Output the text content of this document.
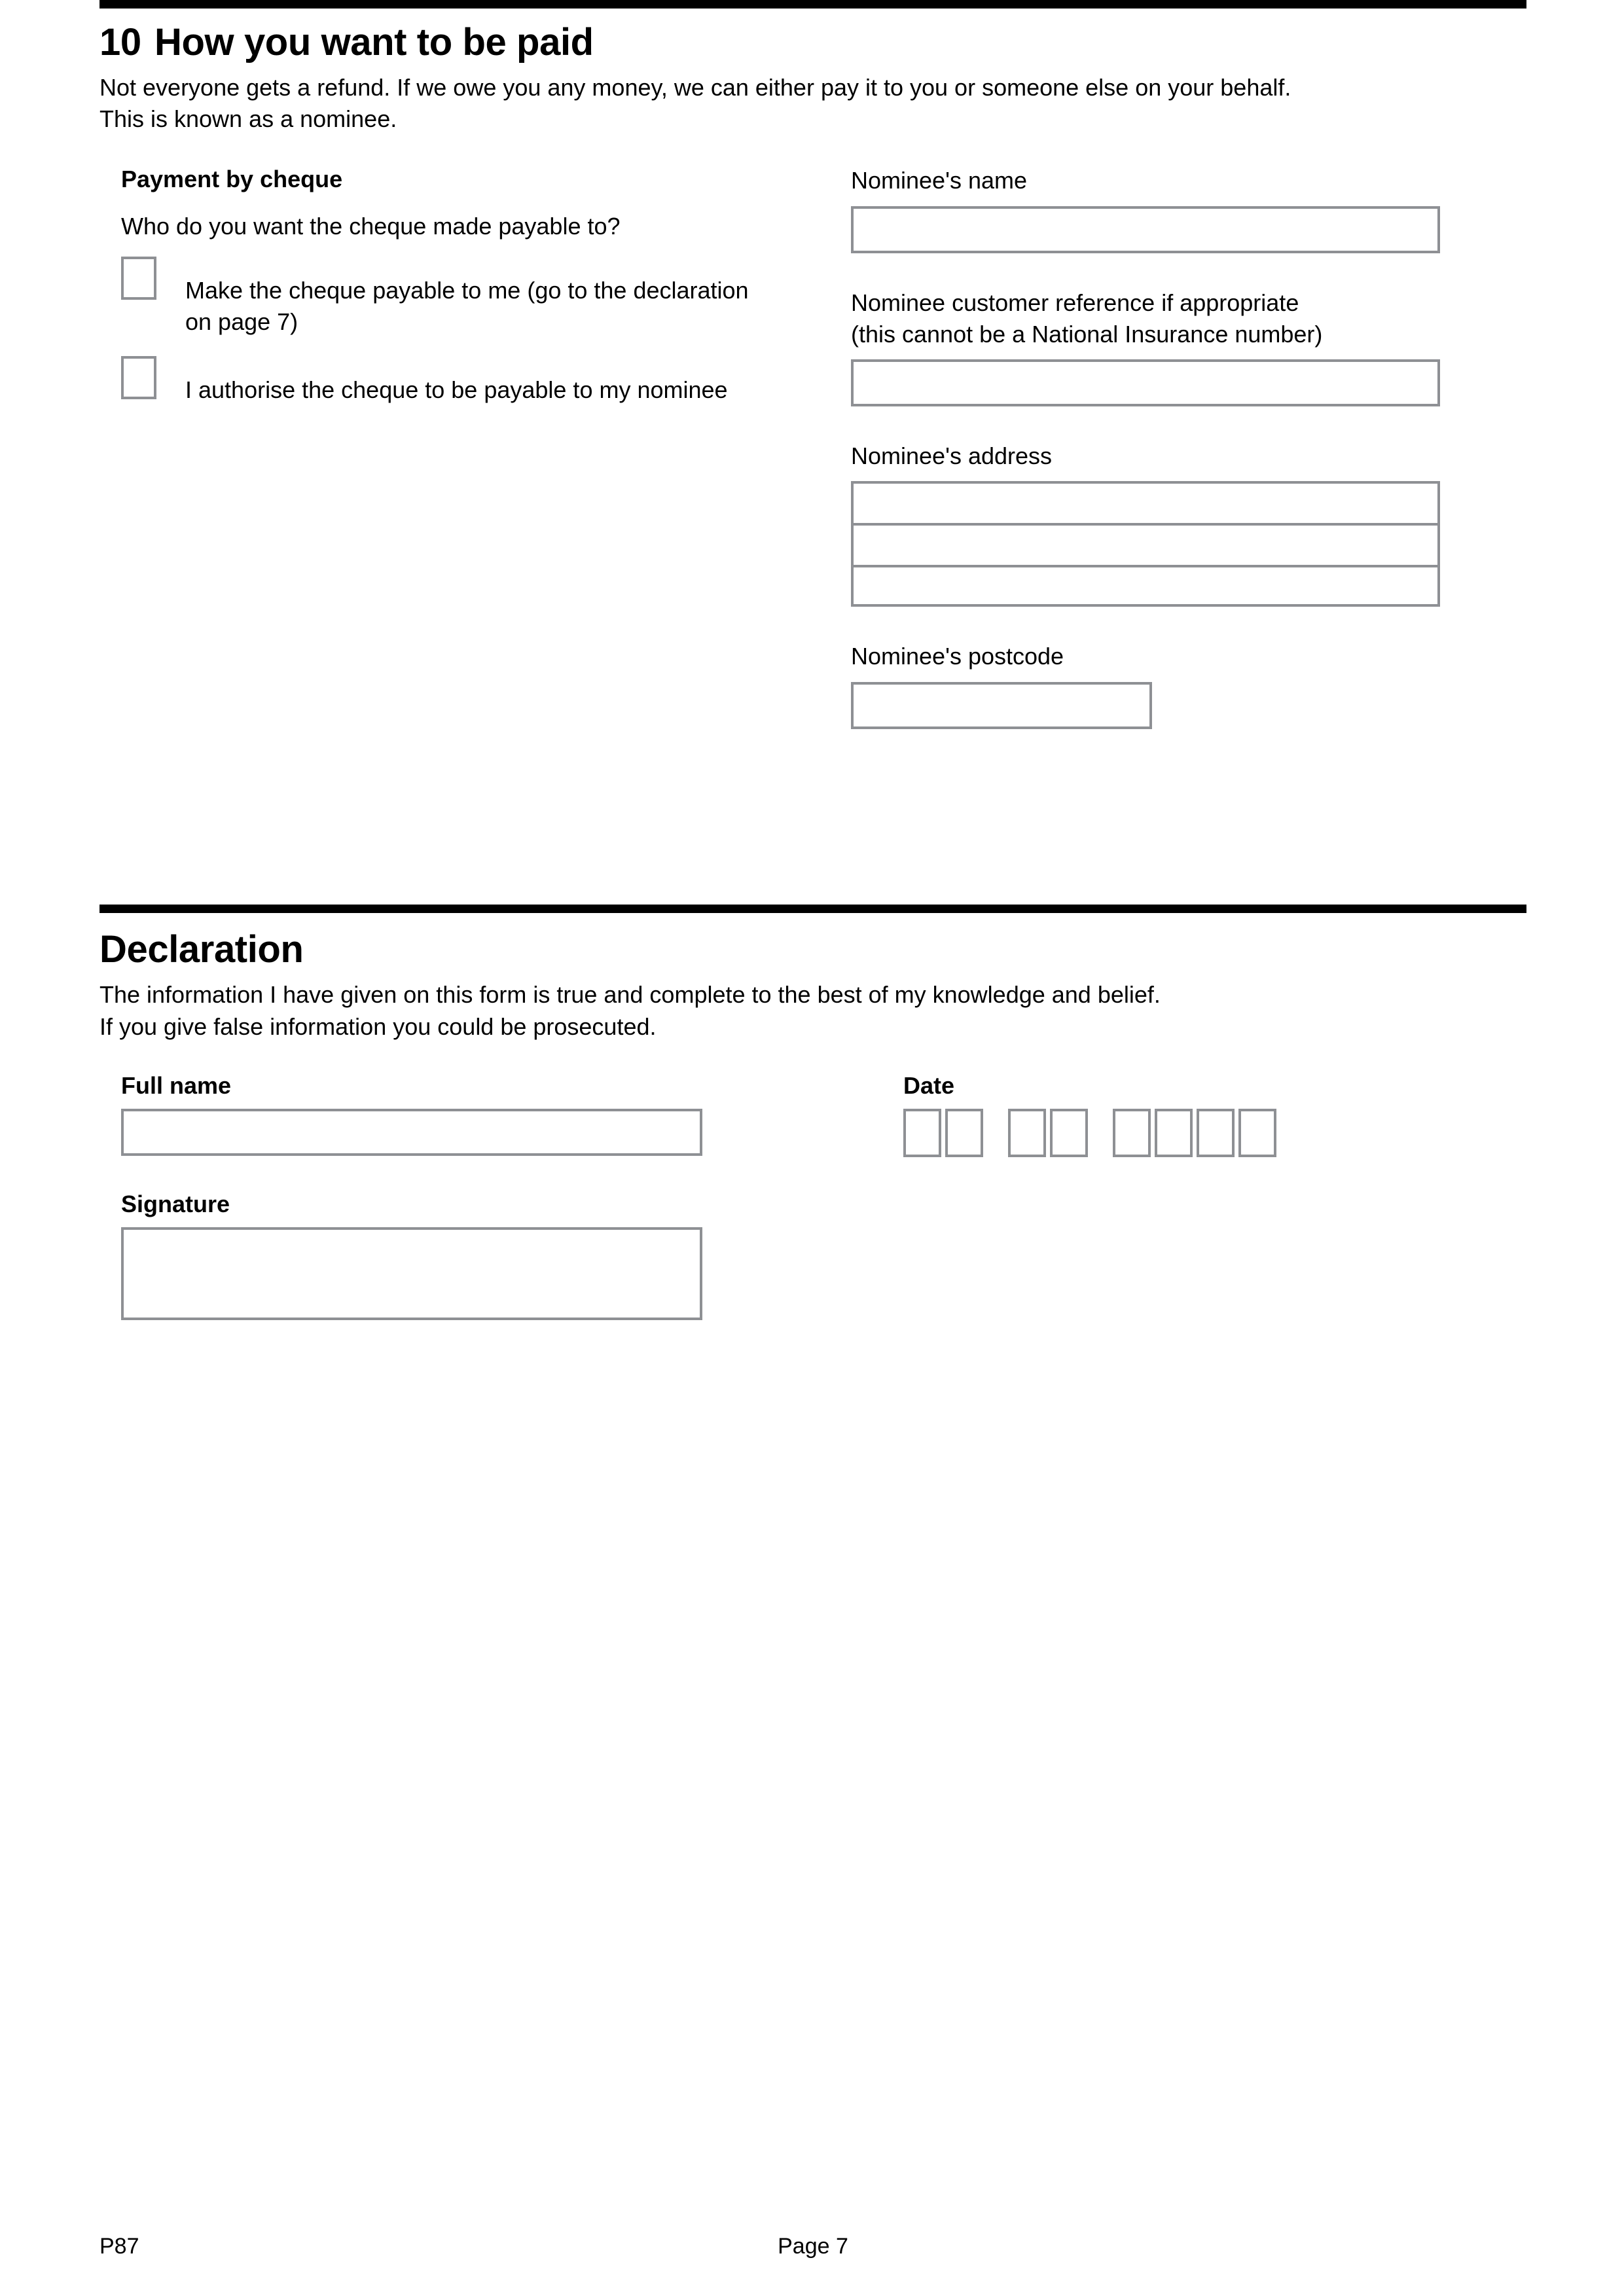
10 How you want to be paid
Not everyone gets a refund. If we owe you any money, we can either pay it to you or someone else on your behalf.
This is known as a nominee.
Payment by cheque
Who do you want the cheque made payable to?
Make the cheque payable to me (go to the declaration
on page 7)
I authorise the cheque to be payable to my nominee
Nominee's name
Nominee customer reference if appropriate
(this cannot be a National Insurance number)
Nominee's address
Nominee's postcode
Declaration
The information I have given on this form is true and complete to the best of my knowledge and belief.
If you give false information you could be prosecuted.
Full name
Signature
Date
P87	Page 7
